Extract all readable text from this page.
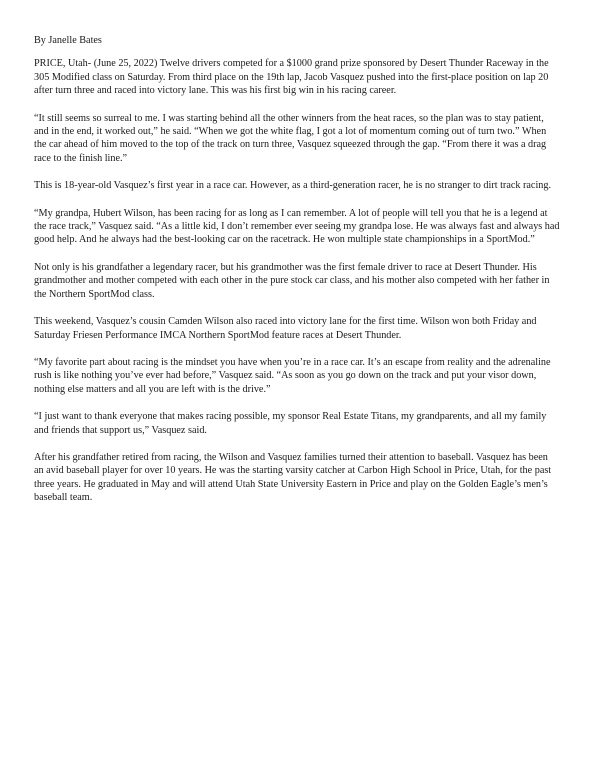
By Janelle Bates

PRICE, Utah- (June 25, 2022) Twelve drivers competed for a $1000 grand prize sponsored by Desert Thunder Raceway in the 305 Modified class on Saturday. From third place on the 19th lap, Jacob Vasquez pushed into the first-place position on lap 20 after turn three and raced into victory lane. This was his first big win in his racing career.

“It still seems so surreal to me. I was starting behind all the other winners from the heat races, so the plan was to stay patient, and in the end, it worked out,” he said. “When we got the white flag, I got a lot of momentum coming out of turn two.” When the car ahead of him moved to the top of the track on turn three, Vasquez squeezed through the gap. “From there it was a drag race to the finish line.”

This is 18-year-old Vasquez’s first year in a race car. However, as a third-generation racer, he is no stranger to dirt track racing.

“My grandpa, Hubert Wilson, has been racing for as long as I can remember. A lot of people will tell you that he is a legend at the race track,” Vasquez said. “As a little kid, I don’t remember ever seeing my grandpa lose. He was always fast and always had good help. And he always had the best-looking car on the racetrack. He won multiple state championships in a SportMod.”

Not only is his grandfather a legendary racer, but his grandmother was the first female driver to race at Desert Thunder. His grandmother and mother competed with each other in the pure stock car class, and his mother also competed with her father in the Northern SportMod class.

This weekend, Vasquez’s cousin Camden Wilson also raced into victory lane for the first time. Wilson won both Friday and Saturday Friesen Performance IMCA Northern SportMod feature races at Desert Thunder.

“My favorite part about racing is the mindset you have when you’re in a race car. It’s an escape from reality and the adrenaline rush is like nothing you’ve ever had before,” Vasquez said. “As soon as you go down on the track and put your visor down, nothing else matters and all you are left with is the drive.”

“I just want to thank everyone that makes racing possible, my sponsor Real Estate Titans, my grandparents, and all my family and friends that support us,” Vasquez said.

After his grandfather retired from racing, the Wilson and Vasquez families turned their attention to baseball. Vasquez has been an avid baseball player for over 10 years. He was the starting varsity catcher at Carbon High School in Price, Utah, for the past three years. He graduated in May and will attend Utah State University Eastern in Price and play on the Golden Eagle’s men’s baseball team.
